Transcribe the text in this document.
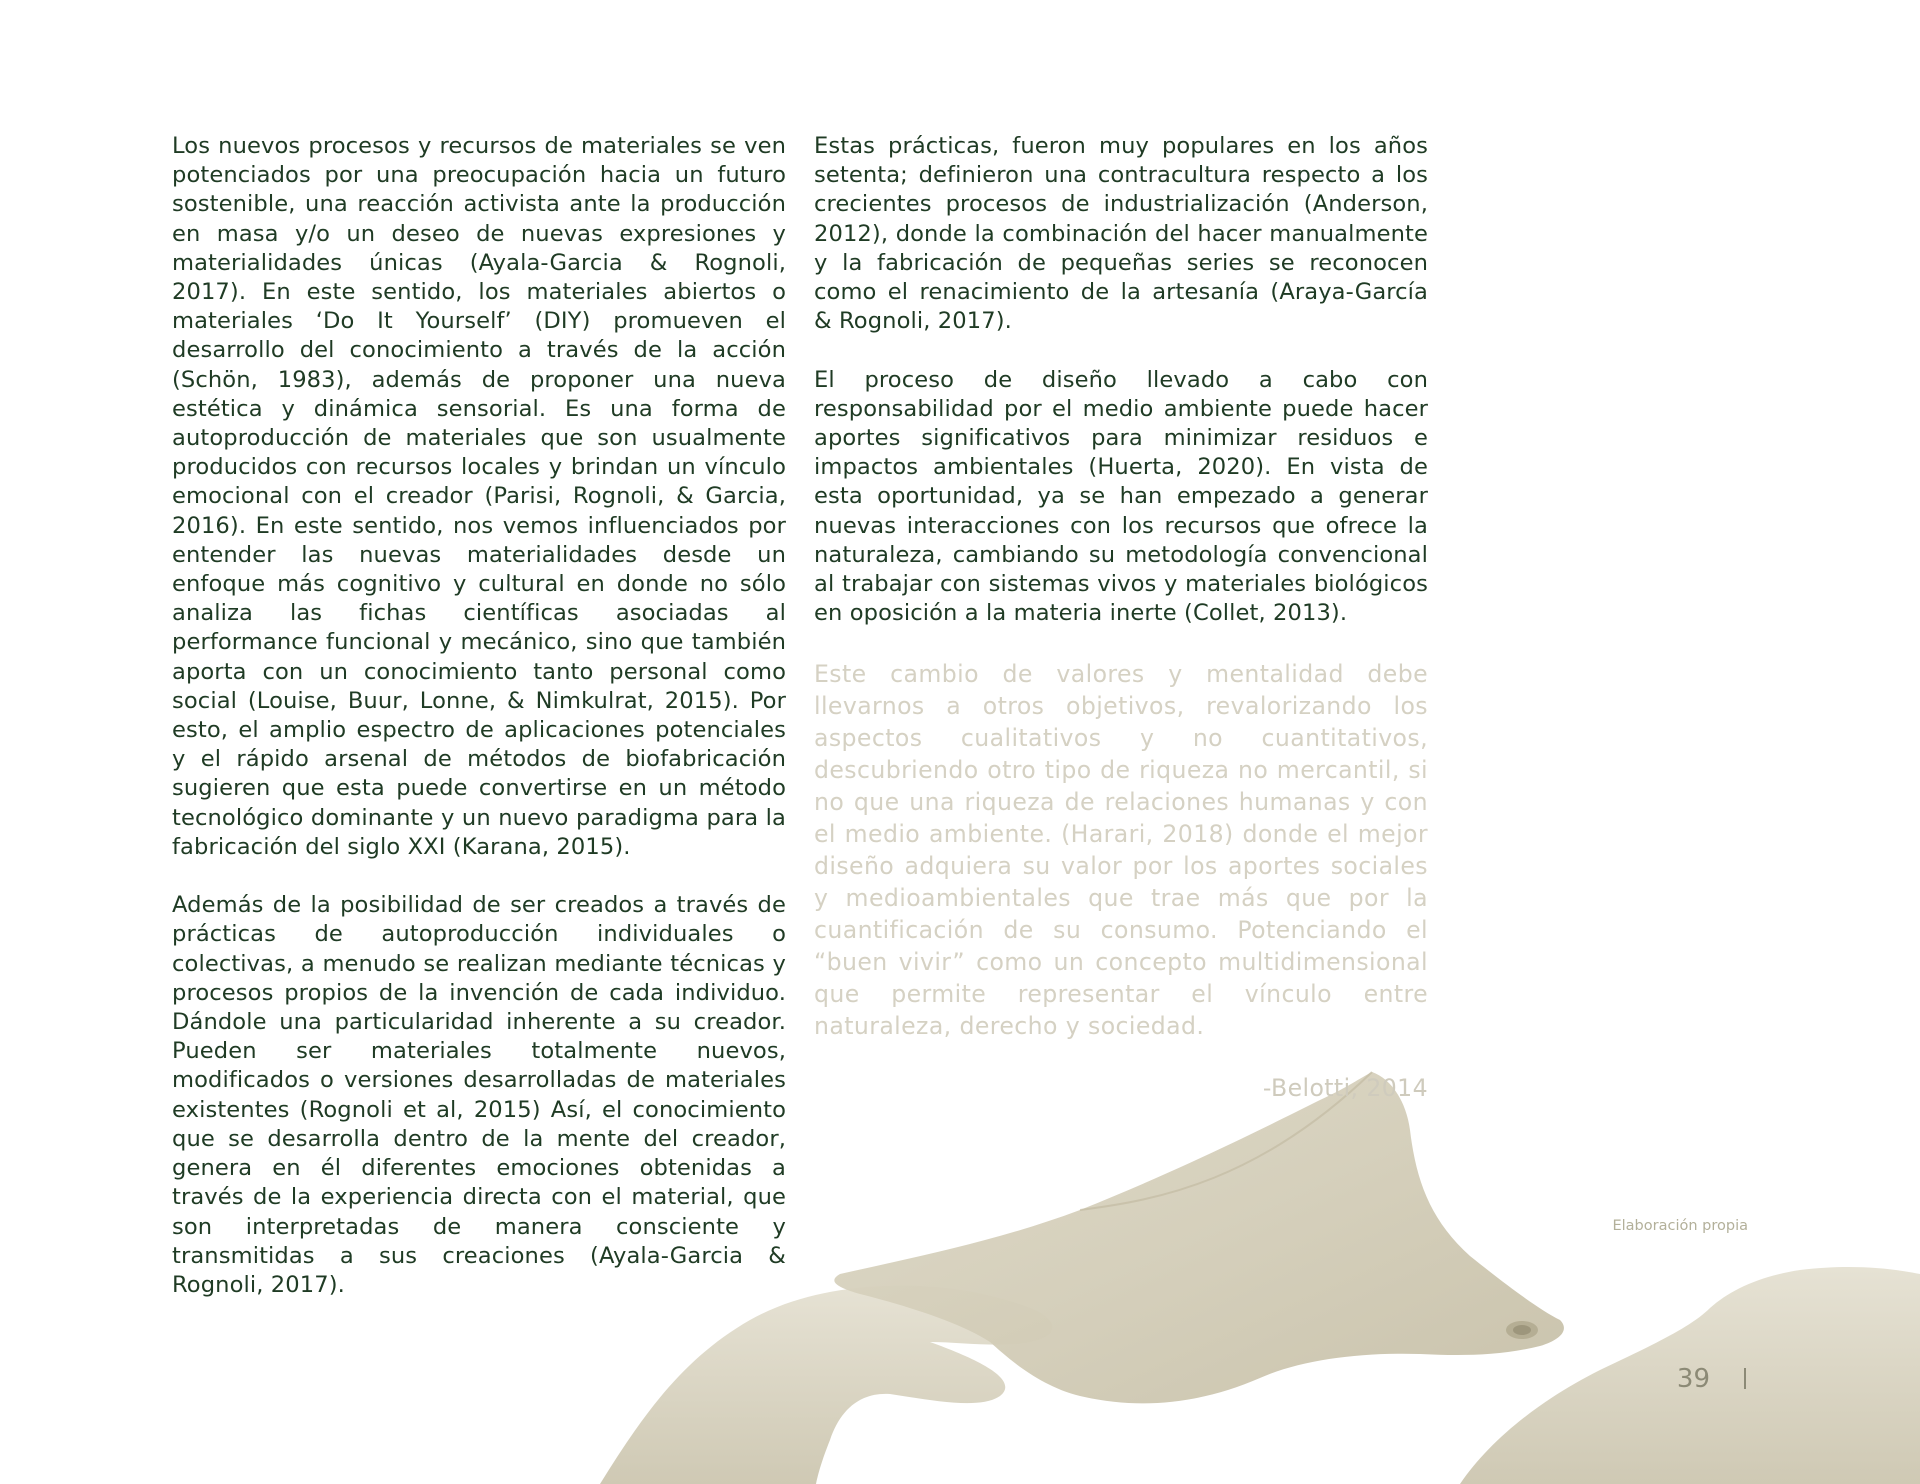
Los nuevos procesos y recursos de materiales se ven potenciados por una preocupación hacia un futuro sostenible, una reacción activista ante la producción en masa y/o un deseo de nuevas expresiones y materialidades únicas (Ayala-Garcia & Rognoli, 2017). En este sentido, los materiales abiertos o materiales ‘Do It Yourself’ (DIY) promueven el desarrollo del conocimiento a través de la acción (Schön, 1983), además de proponer una nueva estética y dinámica sensorial. Es una forma de autoproducción de materiales que son usualmente producidos con recursos locales y brindan un vínculo emocional con el creador (Parisi, Rognoli, & Garcia, 2016). En este sentido, nos vemos influenciados por entender las nuevas materialidades desde un enfoque más cognitivo y cultural en donde no sólo analiza las fichas científicas asociadas al performance funcional y mecánico, sino que también aporta con un conocimiento tanto personal como social (Louise, Buur, Lonne, & Nimkulrat, 2015). Por esto, el amplio espectro de aplicaciones potenciales y el rápido arsenal de métodos de biofabricación sugieren que esta puede convertirse en un método tecnológico dominante y un nuevo paradigma para la fabricación del siglo XXI (Karana, 2015).

Además de la posibilidad de ser creados a través de prácticas de autoproducción individuales o colectivas, a menudo se realizan mediante técnicas y procesos propios de la invención de cada individuo. Dándole una particularidad inherente a su creador. Pueden ser materiales totalmente nuevos, modificados o versiones desarrolladas de materiales existentes (Rognoli et al, 2015) Así, el conocimiento que se desarrolla dentro de la mente del creador, genera en él diferentes emociones obtenidas a través de la experiencia directa con el material, que son interpretadas de manera consciente y transmitidas a sus creaciones (Ayala-Garcia & Rognoli, 2017).

Estas prácticas, fueron muy populares en los años setenta; definieron una contracultura respecto a los crecientes procesos de industrialización (Anderson, 2012), donde la combinación del hacer manualmente y la fabricación de pequeñas series se reconocen como el renacimiento de la artesanía (Araya-García & Rognoli, 2017).

El proceso de diseño llevado a cabo con responsabilidad por el medio ambiente puede hacer aportes significativos para minimizar residuos e impactos ambientales (Huerta, 2020). En vista de esta oportunidad, ya se han empezado a generar nuevas interacciones con los recursos que ofrece la naturaleza, cambiando su metodología convencional al trabajar con sistemas vivos y materiales biológicos en oposición a la materia inerte (Collet, 2013).

Este cambio de valores y mentalidad debe llevarnos a otros objetivos, revalorizando los aspectos cualitativos y no cuantitativos, descubriendo otro tipo de riqueza no mercantil, si no que una riqueza de relaciones humanas y con el medio ambiente. (Harari, 2018) donde el mejor diseño adquiera su valor por los aportes sociales y medioambientales que trae más que por la cuantificación de su consumo. Potenciando el “buen vivir” como un concepto multidimensional que permite representar el vínculo entre naturaleza, derecho y sociedad.

-Belotti, 2014
Elaboración propia
39
